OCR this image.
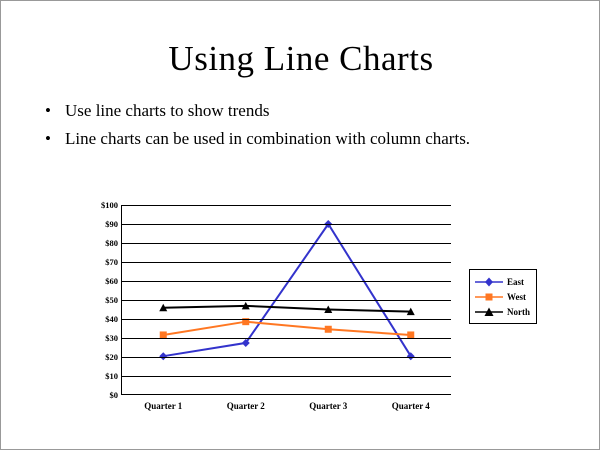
Using Line Charts
• Use line charts to show trends
• Line charts can be used in combination with column charts.
$0
$10
$20
$30
$40
$50
$60
$70
$80
$90
$100
Quarter 1	Quarter 2	Quarter 3	Quarter 4
East
West
North
